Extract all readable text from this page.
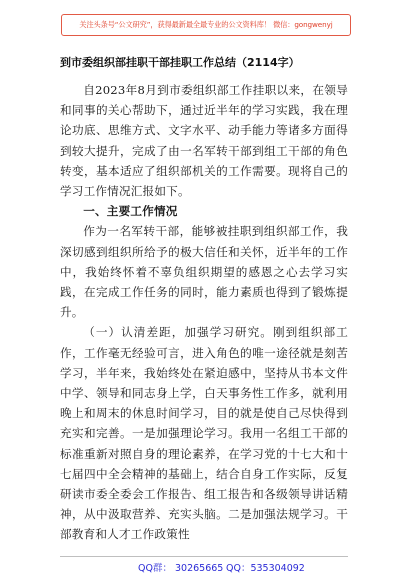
关注头条号“公文研究”，获得最新最全最专业的公文资料库！ 微信：gongwenyj
到市委组织部挂职干部挂职工作总结（2114字）

自2023年8月到市委组织部工作挂职以来，在领导和同事的关心帮助下，通过近半年的学习实践，我在理论功底、思维方式、文字水平、动手能力等诸多方面得到较大提升，完成了由一名军转干部到组工干部的角色转变，基本适应了组织部机关的工作需要。现将自己的学习工作情况汇报如下。

一、主要工作情况

作为一名军转干部，能够被挂职到组织部工作，我深切感到组织所给予的极大信任和关怀，近半年的工作中，我始终怀着不辜负组织期望的感恩之心去学习实践，在完成工作任务的同时，能力素质也得到了锻炼提升。

（一）认清差距，加强学习研究。刚到组织部工作，工作毫无经验可言，进入角色的唯一途径就是刻苦学习，半年来，我始终处在紧迫感中，坚持从书本文件中学、领导和同志身上学，白天事务性工作多，就利用晚上和周末的休息时间学习，目的就是使自己尽快得到充实和完善。一是加强理论学习。我用一名组工干部的标准重新对照自身的理论素养，在学习党的十七大和十七届四中全会精神的基础上，结合自身工作实际，反复研读市委全委会工作报告、组工报告和各级领导讲话精神，从中汲取营养、充实头脑。二是加强法规学习。干部教育和人才工作政策性

QQ群： 30265665 QQ：535304092
